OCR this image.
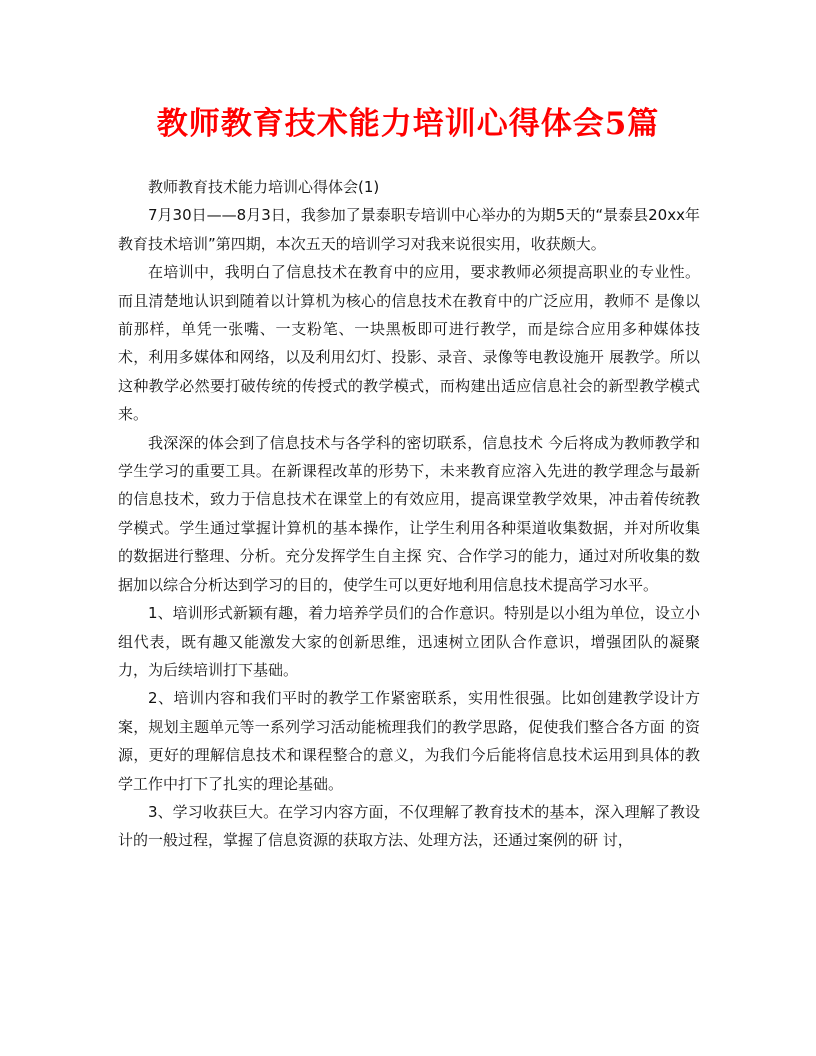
教师教育技术能力培训心得体会5篇

教师教育技术能力培训心得体会(1)

7月30日——8月3日，我参加了景泰职专培训中心举办的为期5天的“景泰县20xx年教育技术培训”第四期，本次五天的培训学习对我来说很实用，收获颇大。

在培训中，我明白了信息技术在教育中的应用，要求教师必须提高职业的专业性。而且清楚地认识到随着以计算机为核心的信息技术在教育中的广泛应用，教师不 是像以前那样，单凭一张嘴、一支粉笔、一块黑板即可进行教学，而是综合应用多种媒体技术，利用多媒体和网络，以及利用幻灯、投影、录音、录像等电教设施开 展教学。所以这种教学必然要打破传统的传授式的教学模式，而构建出适应信息社会的新型教学模式来。

我深深的体会到了信息技术与各学科的密切联系，信息技术 今后将成为教师教学和学生学习的重要工具。在新课程改革的形势下，未来教育应溶入先进的教学理念与最新的信息技术，致力于信息技术在课堂上的有效应用，提高课堂教学效果，冲击着传统教学模式。学生通过掌握计算机的基本操作，让学生利用各种渠道收集数据，并对所收集的数据进行整理、分析。充分发挥学生自主探 究、合作学习的能力，通过对所收集的数据加以综合分析达到学习的目的，使学生可以更好地利用信息技术提高学习水平。

1、培训形式新颖有趣，着力培养学员们的合作意识。特别是以小组为单位，设立小组代表，既有趣又能激发大家的创新思维，迅速树立团队合作意识，增强团队的凝聚力，为后续培训打下基础。

2、培训内容和我们平时的教学工作紧密联系，实用性很强。比如创建教学设计方案，规划主题单元等一系列学习活动能梳理我们的教学思路，促使我们整合各方面 的资源，更好的理解信息技术和课程整合的意义，为我们今后能将信息技术运用到具体的教学工作中打下了扎实的理论基础。

3、学习收获巨大。在学习内容方面，不仅理解了教育技术的基本，深入理解了教设计的一般过程，掌握了信息资源的获取方法、处理方法，还通过案例的研 讨，
